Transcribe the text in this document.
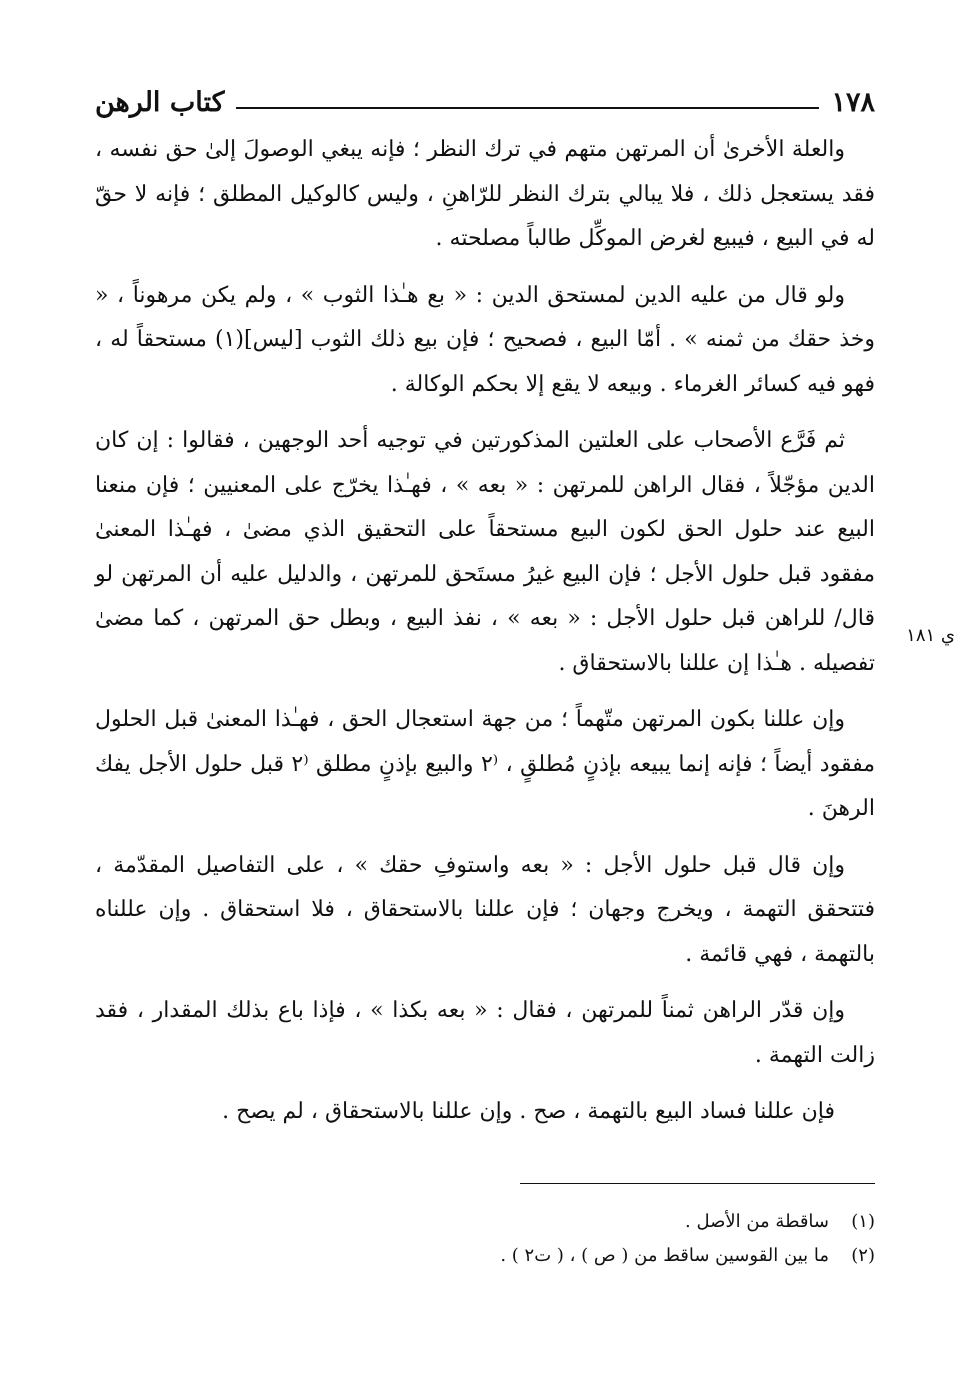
١٧٨
كتاب الرهن

والعلة الأخرىٰ أن المرتهن متهم في ترك النظر ؛ فإنه يبغي الوصولَ إلىٰ حق نفسه ، فقد يستعجل ذلك ، فلا يبالي بترك النظر للرّاهنِ ، وليس كالوكيل المطلق ؛ فإنه لا حقّ له في البيع ، فيبيع لغرض الموكِّل طالباً مصلحته .

ولو قال من عليه الدين لمستحق الدين : « بع هـٰذا الثوب » ، ولم يكن مرهوناً ، « وخذ حقك من ثمنه » . أمّا البيع ، فصحيح ؛ فإن بيع ذلك الثوب [ليس](١) مستحقاً له ، فهو فيه كسائر الغرماء . وبيعه لا يقع إلا بحكم الوكالة .

ثم فَرَّع الأصحاب على العلتين المذكورتين في توجيه أحد الوجهين ، فقالوا : إن كان الدين مؤجّلاً ، فقال الراهن للمرتهن : « بعه » ، فهـٰذا يخرّج على المعنيين ؛ فإن منعنا البيع عند حلول الحق لكون البيع مستحقاً على التحقيق الذي مضىٰ ، فهـٰذا المعنىٰ مفقود قبل حلول الأجل ؛ فإن البيع غيرُ مستَحق للمرتهن ، والدليل عليه أن المرتهن لو قال/ للراهن قبل حلول الأجل : « بعه » ، نفذ البيع ، وبطل حق المرتهن ، كما مضىٰ تفصيله . هـٰذا إن عللنا بالاستحقاق .

وإن عللنا بكون المرتهن متّهماً ؛ من جهة استعجال الحق ، فهـٰذا المعنىٰ قبل الحلول مفقود أيضاً ؛ فإنه إنما يبيعه بإذنٍ مُطلقٍ ، ⁽٢ والبيع بإذنٍ مطلق ⁽٢ قبل حلول الأجل يفك الرهنَ .

وإن قال قبل حلول الأجل : « بعه واستوفِ حقك » ، على التفاصيل المقدّمة ، فتتحقق التهمة ، ويخرج وجهان ؛ فإن عللنا بالاستحقاق ، فلا استحقاق . وإن عللناه بالتهمة ، فهي قائمة .

وإن قدّر الراهن ثمناً للمرتهن ، فقال : « بعه بكذا » ، فإذا باع بذلك المقدار ، فقد زالت التهمة .

فإن عللنا فساد البيع بالتهمة ، صح . وإن عللنا بالاستحقاق ، لم يصح .

ي ١٨١
(١)
ساقطة من الأصل .
(٢)
ما بين القوسين ساقط من ( ص ) ، ( ت٢ ) .
